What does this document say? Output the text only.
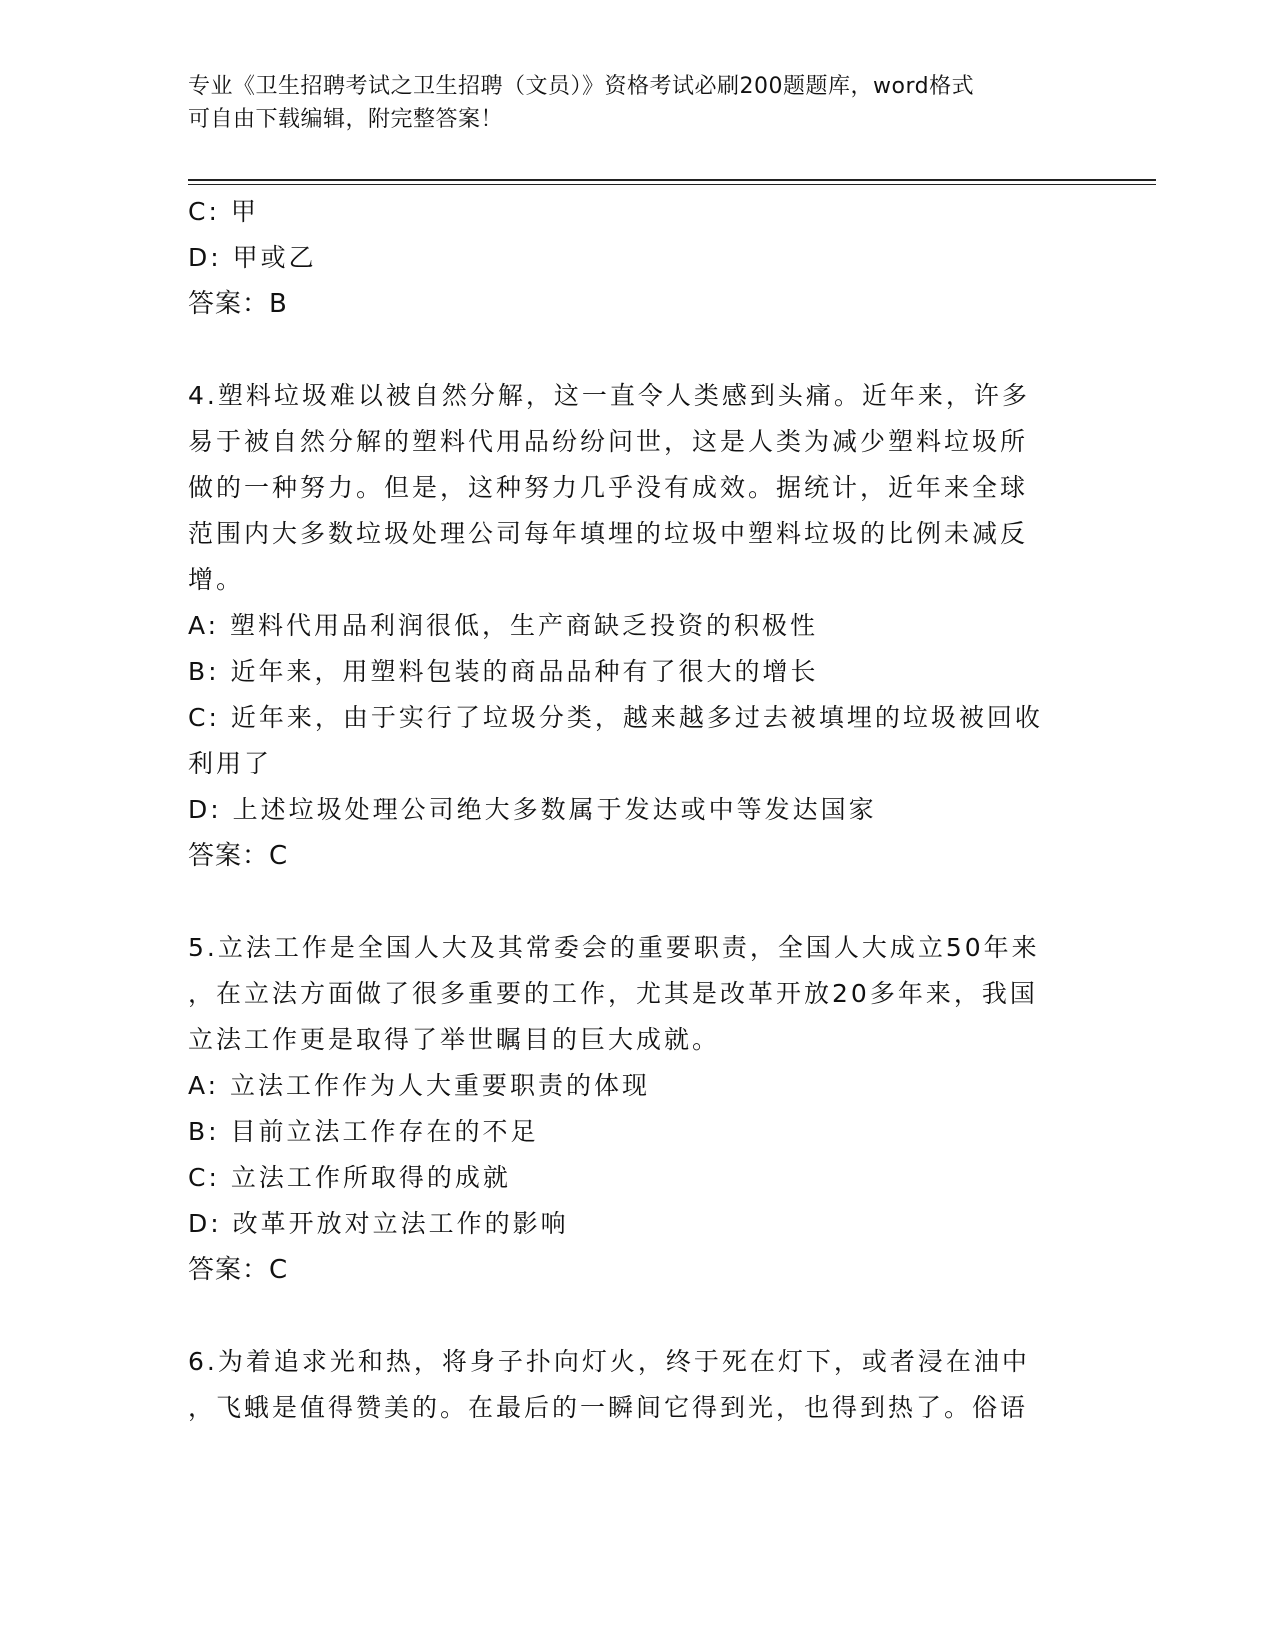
专业《卫生招聘考试之卫生招聘（文员）》资格考试必刷200题题库，word格式
可自由下载编辑，附完整答案！
C: 甲
D: 甲或乙
答案：B
4.塑料垃圾难以被自然分解，这一直令人类感到头痛。近年来，许多
易于被自然分解的塑料代用品纷纷问世，这是人类为减少塑料垃圾所
做的一种努力。但是，这种努力几乎没有成效。据统计，近年来全球
范围内大多数垃圾处理公司每年填埋的垃圾中塑料垃圾的比例未减反
增。
A: 塑料代用品利润很低，生产商缺乏投资的积极性
B: 近年来，用塑料包装的商品品种有了很大的增长
C: 近年来，由于实行了垃圾分类，越来越多过去被填埋的垃圾被回收
利用了
D: 上述垃圾处理公司绝大多数属于发达或中等发达国家
答案：C
5.立法工作是全国人大及其常委会的重要职责，全国人大成立50年来
，在立法方面做了很多重要的工作，尤其是改革开放20多年来，我国
立法工作更是取得了举世瞩目的巨大成就。
A: 立法工作作为人大重要职责的体现
B: 目前立法工作存在的不足
C: 立法工作所取得的成就
D: 改革开放对立法工作的影响
答案：C
6.为着追求光和热，将身子扑向灯火，终于死在灯下，或者浸在油中
，飞蛾是值得赞美的。在最后的一瞬间它得到光，也得到热了。俗语
